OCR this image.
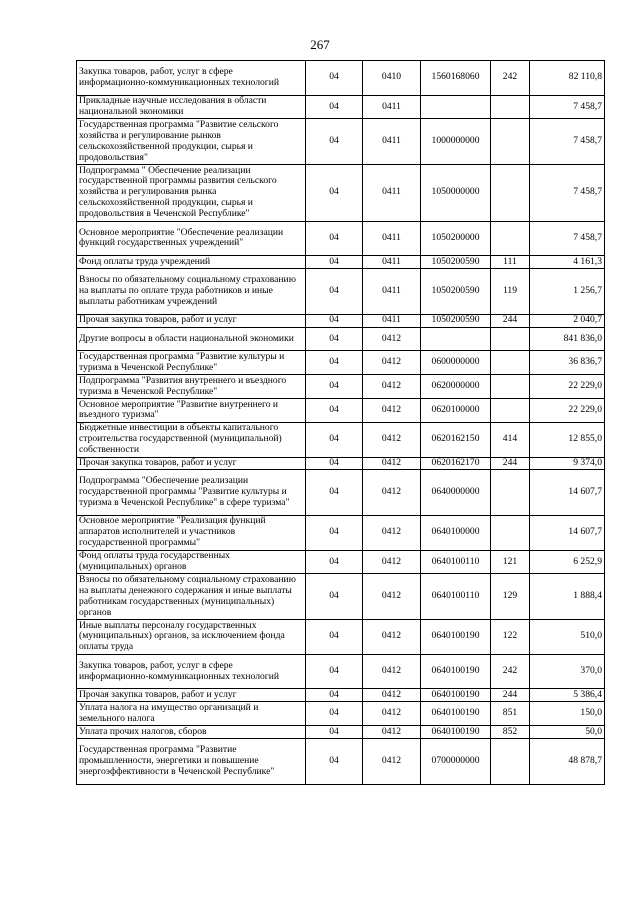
267
Закупка товаров, работ, услуг в сфере информационно-коммуникационных технологий	04	0410	1560168060	242	82 110,8
Прикладные научные исследования в области национальной экономики	04	0411			7 458,7
Государственная программа "Развитие сельского хозяйства и регулирование рынков сельскохозяйственной продукции, сырья и продовольствия"	04	0411	1000000000		7 458,7
Подпрограмма " Обеспечение реализации государственной программы развития сельского хозяйства и регулирования рынка сельскохозяйственной продукции, сырья и продовольствия в Чеченской Республике"	04	0411	1050000000		7 458,7
Основное мероприятие "Обеспечение реализации функций государственных учреждений"	04	0411	1050200000		7 458,7
Фонд оплаты труда учреждений	04	0411	1050200590	111	4 161,3
Взносы по обязательному социальному страхованию на выплаты по оплате труда работников и иные выплаты работникам учреждений	04	0411	1050200590	119	1 256,7
Прочая закупка товаров, работ и услуг	04	0411	1050200590	244	2 040,7
Другие вопросы в области национальной экономики	04	0412			841 836,0
Государственная программа "Развитие культуры и туризма в Чеченской Республике"	04	0412	0600000000		36 836,7
Подпрограмма "Развития внутреннего и въездного туризма в Чеченской Республике"	04	0412	0620000000		22 229,0
Основное мероприятие "Развитие внутреннего и въездного туризма"	04	0412	0620100000		22 229,0
Бюджетные инвестиции в объекты капитального строительства государственной (муниципальной) собственности	04	0412	0620162150	414	12 855,0
Прочая закупка товаров, работ и услуг	04	0412	0620162170	244	9 374,0
Подпрограмма "Обеспечение реализации государственной программы "Развитие культуры и туризма в Чеченской Республике" в сфере туризма"	04	0412	0640000000		14 607,7
Основное мероприятие "Реализация функций аппаратов исполнителей и участников государственной программы"	04	0412	0640100000		14 607,7
Фонд оплаты труда государственных (муниципальных) органов	04	0412	0640100110	121	6 252,9
Взносы по обязательному социальному страхованию на выплаты денежного содержания и иные выплаты работникам государственных (муниципальных) органов	04	0412	0640100110	129	1 888,4
Иные выплаты персоналу государственных (муниципальных) органов, за исключением фонда оплаты труда	04	0412	0640100190	122	510,0
Закупка товаров, работ, услуг в сфере информационно-коммуникационных технологий	04	0412	0640100190	242	370,0
Прочая закупка товаров, работ и услуг	04	0412	0640100190	244	5 386,4
Уплата налога на имущество организаций и земельного налога	04	0412	0640100190	851	150,0
Уплата прочих налогов, сборов	04	0412	0640100190	852	50,0
Государственная программа "Развитие промышленности, энергетики и повышение энергоэффективности в Чеченской Республике"	04	0412	0700000000		48 878,7
